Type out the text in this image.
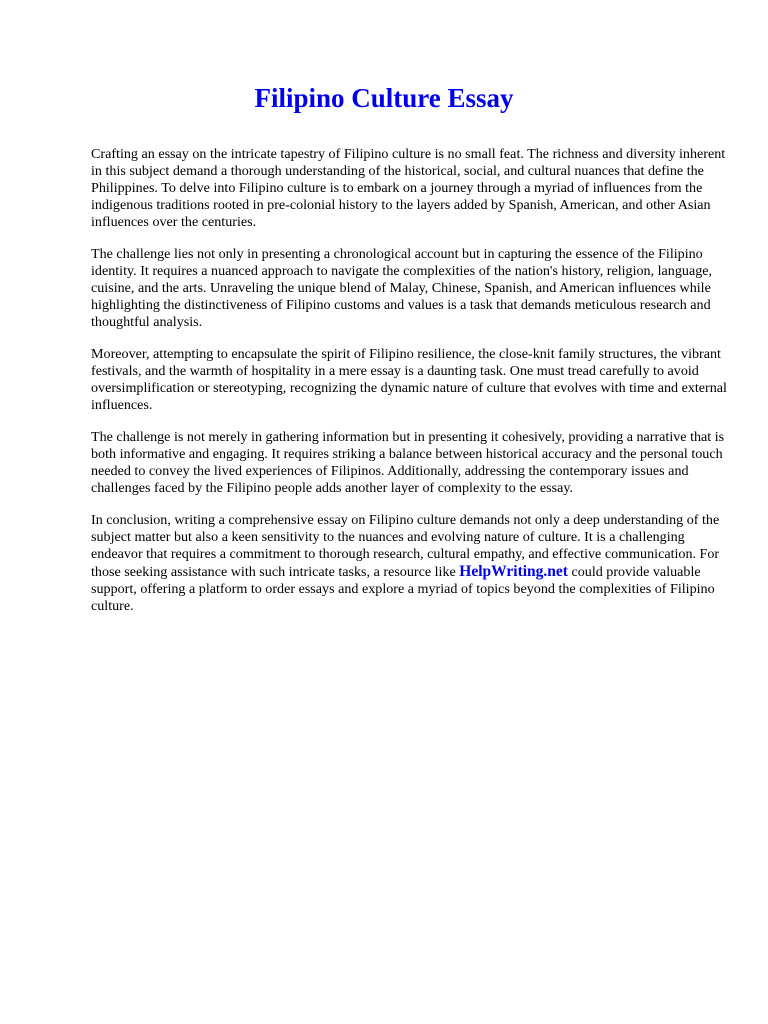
Filipino Culture Essay

Crafting an essay on the intricate tapestry of Filipino culture is no small feat. The richness and diversity inherent in this subject demand a thorough understanding of the historical, social, and cultural nuances that define the Philippines. To delve into Filipino culture is to embark on a journey through a myriad of influences from the indigenous traditions rooted in pre-colonial history to the layers added by Spanish, American, and other Asian influences over the centuries.

The challenge lies not only in presenting a chronological account but in capturing the essence of the Filipino identity. It requires a nuanced approach to navigate the complexities of the nation's history, religion, language, cuisine, and the arts. Unraveling the unique blend of Malay, Chinese, Spanish, and American influences while highlighting the distinctiveness of Filipino customs and values is a task that demands meticulous research and thoughtful analysis.

Moreover, attempting to encapsulate the spirit of Filipino resilience, the close-knit family structures, the vibrant festivals, and the warmth of hospitality in a mere essay is a daunting task. One must tread carefully to avoid oversimplification or stereotyping, recognizing the dynamic nature of culture that evolves with time and external influences.

The challenge is not merely in gathering information but in presenting it cohesively, providing a narrative that is both informative and engaging. It requires striking a balance between historical accuracy and the personal touch needed to convey the lived experiences of Filipinos. Additionally, addressing the contemporary issues and challenges faced by the Filipino people adds another layer of complexity to the essay.

In conclusion, writing a comprehensive essay on Filipino culture demands not only a deep understanding of the subject matter but also a keen sensitivity to the nuances and evolving nature of culture. It is a challenging endeavor that requires a commitment to thorough research, cultural empathy, and effective communication. For those seeking assistance with such intricate tasks, a resource like HelpWriting.net could provide valuable support, offering a platform to order essays and explore a myriad of topics beyond the complexities of Filipino culture.
